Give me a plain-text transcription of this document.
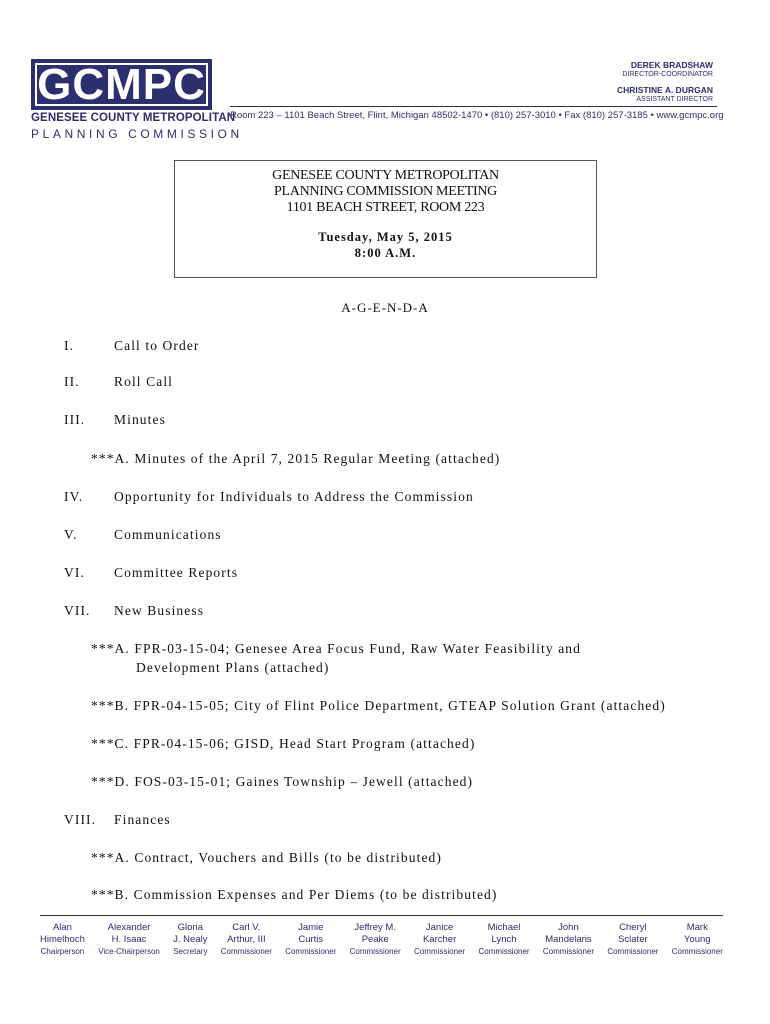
GCMPC
GENESEE COUNTY METROPOLITAN
PLANNING COMMISSION
DEREK BRADSHAW
DIRECTOR-COORDINATOR
CHRISTINE A. DURGAN
ASSISTANT DIRECTOR
Room 223 – 1101 Beach Street, Flint, Michigan 48502-1470 • (810) 257-3010 • Fax (810) 257-3185 • www.gcmpc.org
GENESEE COUNTY METROPOLITAN
PLANNING COMMISSION MEETING
1101 BEACH STREET, ROOM 223
Tuesday, May 5, 2015
8:00 A.M.
A-G-E-N-D-A
I.	Call to Order
II.	Roll Call
III. Minutes
***A. Minutes of the April 7, 2015 Regular Meeting (attached)
IV. Opportunity for Individuals to Address the Commission
V.	Communications
VI. Committee Reports
VII. New Business
***A. FPR-03-15-04; Genesee Area Focus Fund, Raw Water Feasibility and
Development Plans (attached)
***B. FPR-04-15-05; City of Flint Police Department, GTEAP Solution Grant (attached)
***C. FPR-04-15-06; GISD, Head Start Program (attached)
***D. FOS-03-15-01; Gaines Township – Jewell (attached)
VIII. Finances
***A. Contract, Vouchers and Bills (to be distributed)
***B. Commission Expenses and Per Diems (to be distributed)
Alan
Himelhoch
Chairperson
Alexander
H. Isaac
Vice-Chairperson
Gloria
J. Nealy
Secretary
Carl V.
Arthur, III
Commissioner
Jamie
Curtis
Commissioner
Jeffrey M.
Peake
Commissioner
Janice
Karcher
Commissioner
Michael
Lynch
Commissioner
John
Mandelaris
Commissioner
Cheryl
Sclater
Commissioner
Mark
Young
Commissioner
